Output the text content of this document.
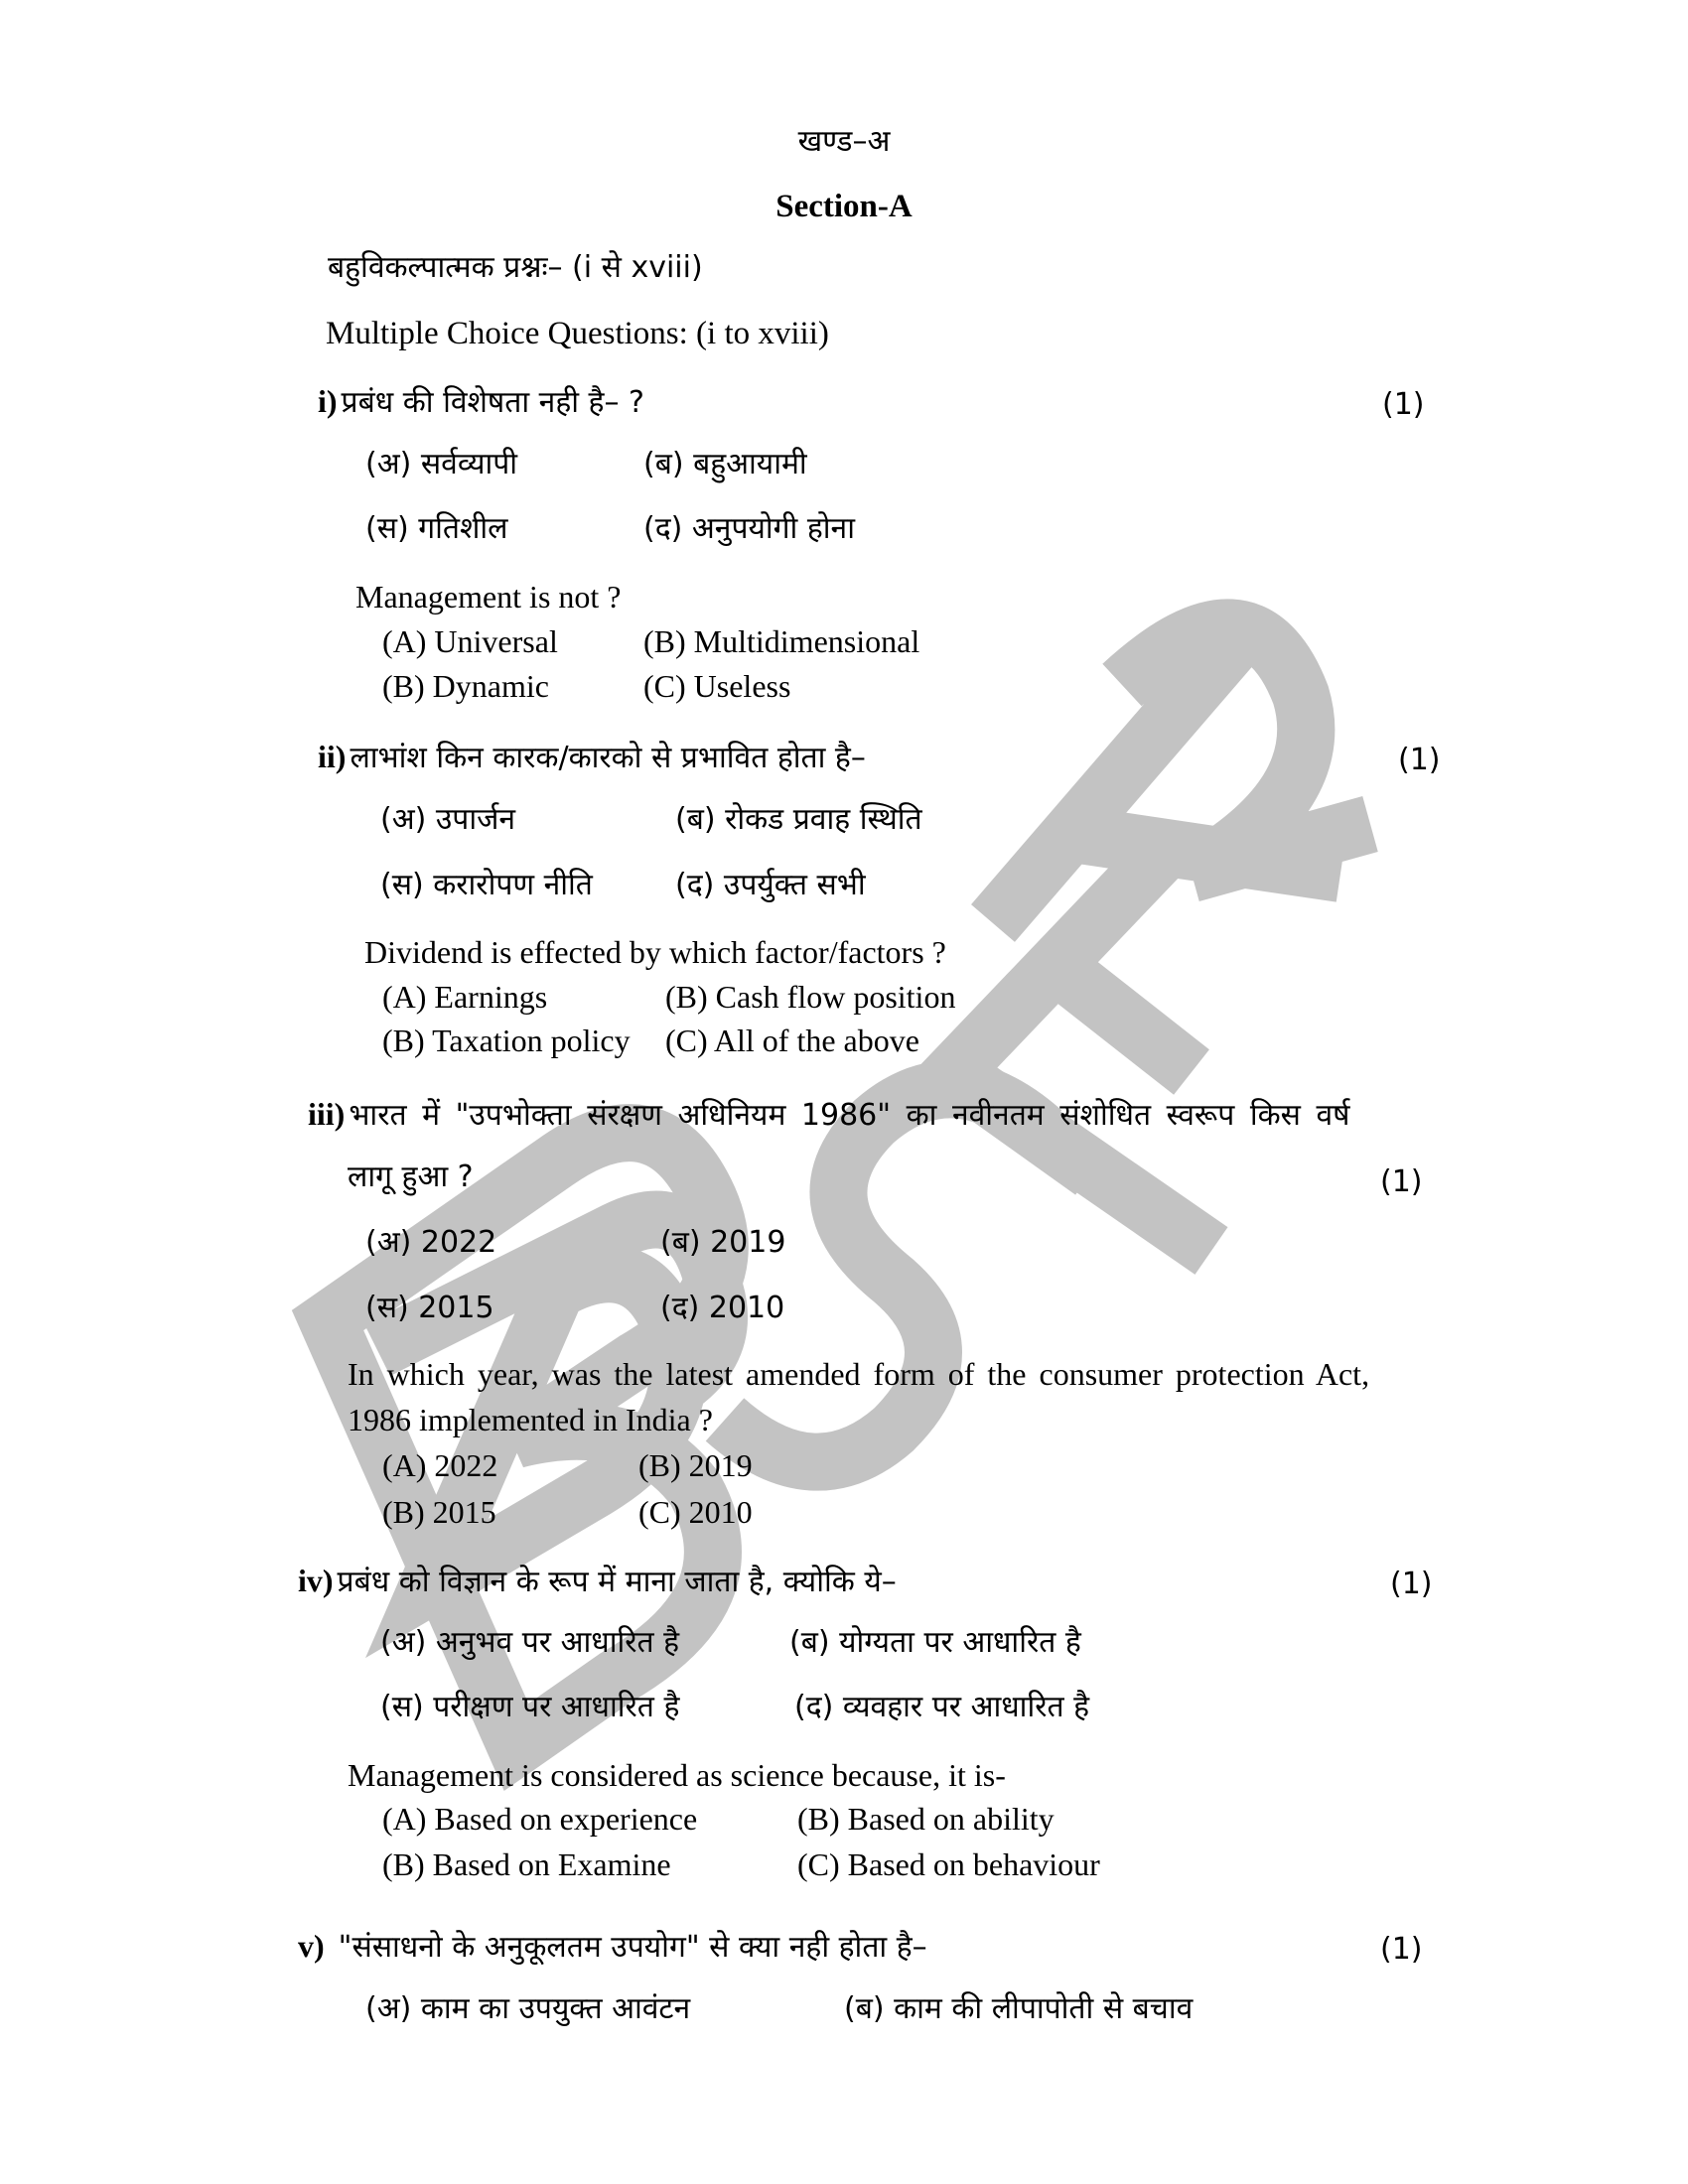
खण्ड–अ
Section-A
बहुविकल्पात्मक प्रश्नः– (i से xviii)
Multiple Choice Questions: (i to xviii)
i) प्रबंध की विशेषता नही है– ?	(1)
(अ) सर्वव्यापी	(ब) बहुआयामी
(स) गतिशील	(द) अनुपयोगी होना
Management is not ?
(A) Universal	(B) Multidimensional
(B) Dynamic	(C) Useless
ii) लाभांश किन कारक/कारको से प्रभावित होता है–	(1)
(अ) उपार्जन	(ब) रोकड प्रवाह स्थिति
(स) करारोपण नीति	(द) उपर्युक्त सभी
Dividend is effected by which factor/factors ?
(A) Earnings	(B) Cash flow position
(B) Taxation policy (C) All of the above
iii) भारत में "उपभोक्ता संरक्षण अधिनियम 1986" का नवीनतम संशोधित स्वरूप किस वर्ष
लागू हुआ ?	(1)
(अ) 2022	(ब) 2019
(स) 2015	(द) 2010
In which year, was the latest amended form of the consumer protection Act,
1986 implemented in India ?
(A) 2022	(B) 2019
(B) 2015	(C) 2010
iv) प्रबंध को विज्ञान के रूप में माना जाता है, क्योकि ये–	(1)
(अ) अनुभव पर आधारित है	(ब) योग्यता पर आधारित है
(स) परीक्षण पर आधारित है	(द) व्यवहार पर आधारित है
Management is considered as science because, it is-
(A) Based on experience	(B) Based on ability
(B) Based on Examine	(C) Based on behaviour
v) "संसाधनो के अनुकूलतम उपयोग" से क्या नही होता है–	(1)
(अ) काम का उपयुक्त आवंटन	(ब) काम की लीपापोती से बचाव
